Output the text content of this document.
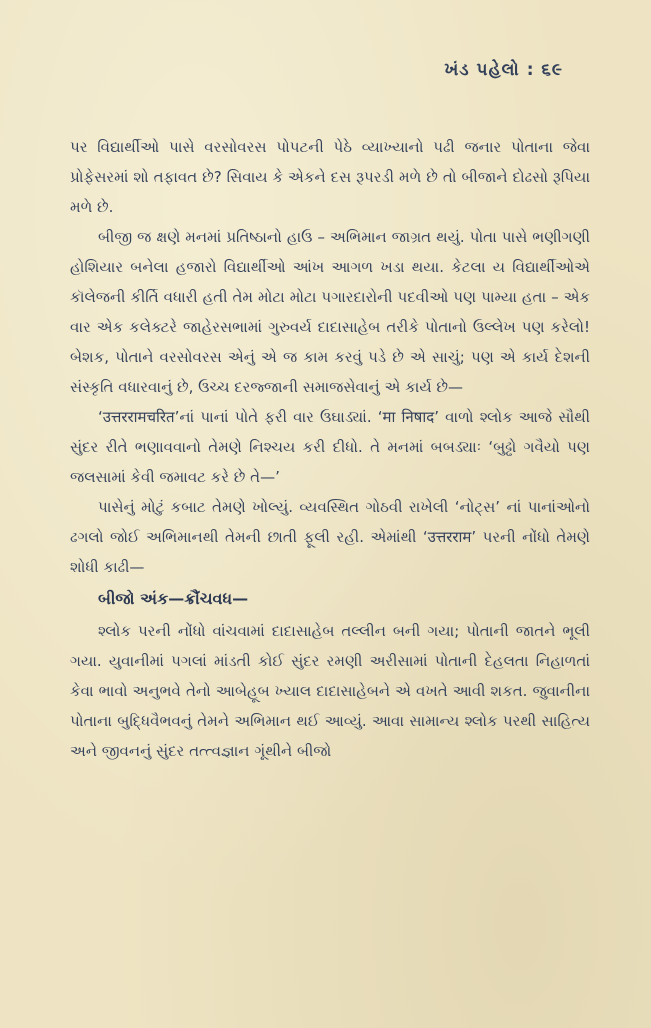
ખંડ પહેલો : ૬૯

પર વિદ્યાર્થીઓ પાસે વરસોવરસ પોપટની પેઠે વ્યાખ્યાનો પઢી જનાર પોતાના જેવા પ્રોફેસરમાં શો તફાવત છે? સિવાય કે એકને દસ રૂપરડી મળે છે તો બીજાને દોઢસો રૂપિયા મળે છે.

બીજી જ ક્ષણે મનમાં પ્રતિષ્ઠાનો હાઉ – અભિમાન જાગ્રત થયું. પોતા પાસે ભણીગણી હોશિયાર બનેલા હજારો વિદ્યાર્થીઓ આંખ આગળ ખડા થયા. કેટલા ય વિદ્યાર્થીઓએ કૉલેજની કીર્તિ વધારી હતી તેમ મોટા મોટા પગારદારોની પદવીઓ પણ પામ્યા હતા – એક વાર એક કલેક્ટરે જાહેરસભામાં ગુરુવર્ય દાદાસાહેબ તરીકે પોતાનો ઉલ્લેખ પણ કરેલો! બેશક, પોતાને વરસોવરસ એનું એ જ કામ કરવું પડે છે એ સાચું; પણ એ કાર્ય દેશની સંસ્કૃતિ વધારવાનું છે, ઉચ્ચ દરજ્જાની સમાજસેવાનું એ કાર્ય છે—

‘उत्तररामचरित’નાં પાનાં પોતે ફરી વાર ઉઘાડ્યાં. ‘मा निषाद’ વાળો શ્લોક આજે સૌથી સુંદર રીતે ભણાવવાનો તેમણે નિશ્ચય કરી દીધો. તે મનમાં બબડ્યાઃ ‘બુઢ્ઢો ગવૈયો પણ જલસામાં કેવી જમાવટ કરે છે તે—’

પાસેનું મોટું કબાટ તેમણે ખોલ્યું. વ્યવસ્થિત ગોઠવી રાખેલી ‘નોટ્સ’ નાં પાનાંઓનો ઢગલો જોઈ અભિમાનથી તેમની છાતી ફૂલી રહી. એમાંથી ‘उत्तरराम’ પરની નોંધો તેમણે શોધી કાઢી—

બીજો અંક—ક્રૌંચવધ—

શ્લોક પરની નોંધો વાંચવામાં દાદાસાહેબ તલ્લીન બની ગયા; પોતાની જાતને ભૂલી ગયા. યુવાનીમાં પગલાં માંડતી કોઈ સુંદર રમણી અરીસામાં પોતાની દેહલતા નિહાળતાં કેવા ભાવો અનુભવે તેનો આબેહૂબ ખ્યાલ દાદાસાહેબને એ વખતે આવી શકત. જુવાનીના પોતાના બુદ્ધિવૈભવનું તેમને અભિમાન થઈ આવ્યું. આવા સામાન્ય શ્લોક પરથી સાહિત્ય અને જીવનનું સુંદર તત્ત્વજ્ઞાન ગૂંથીને બીજો
